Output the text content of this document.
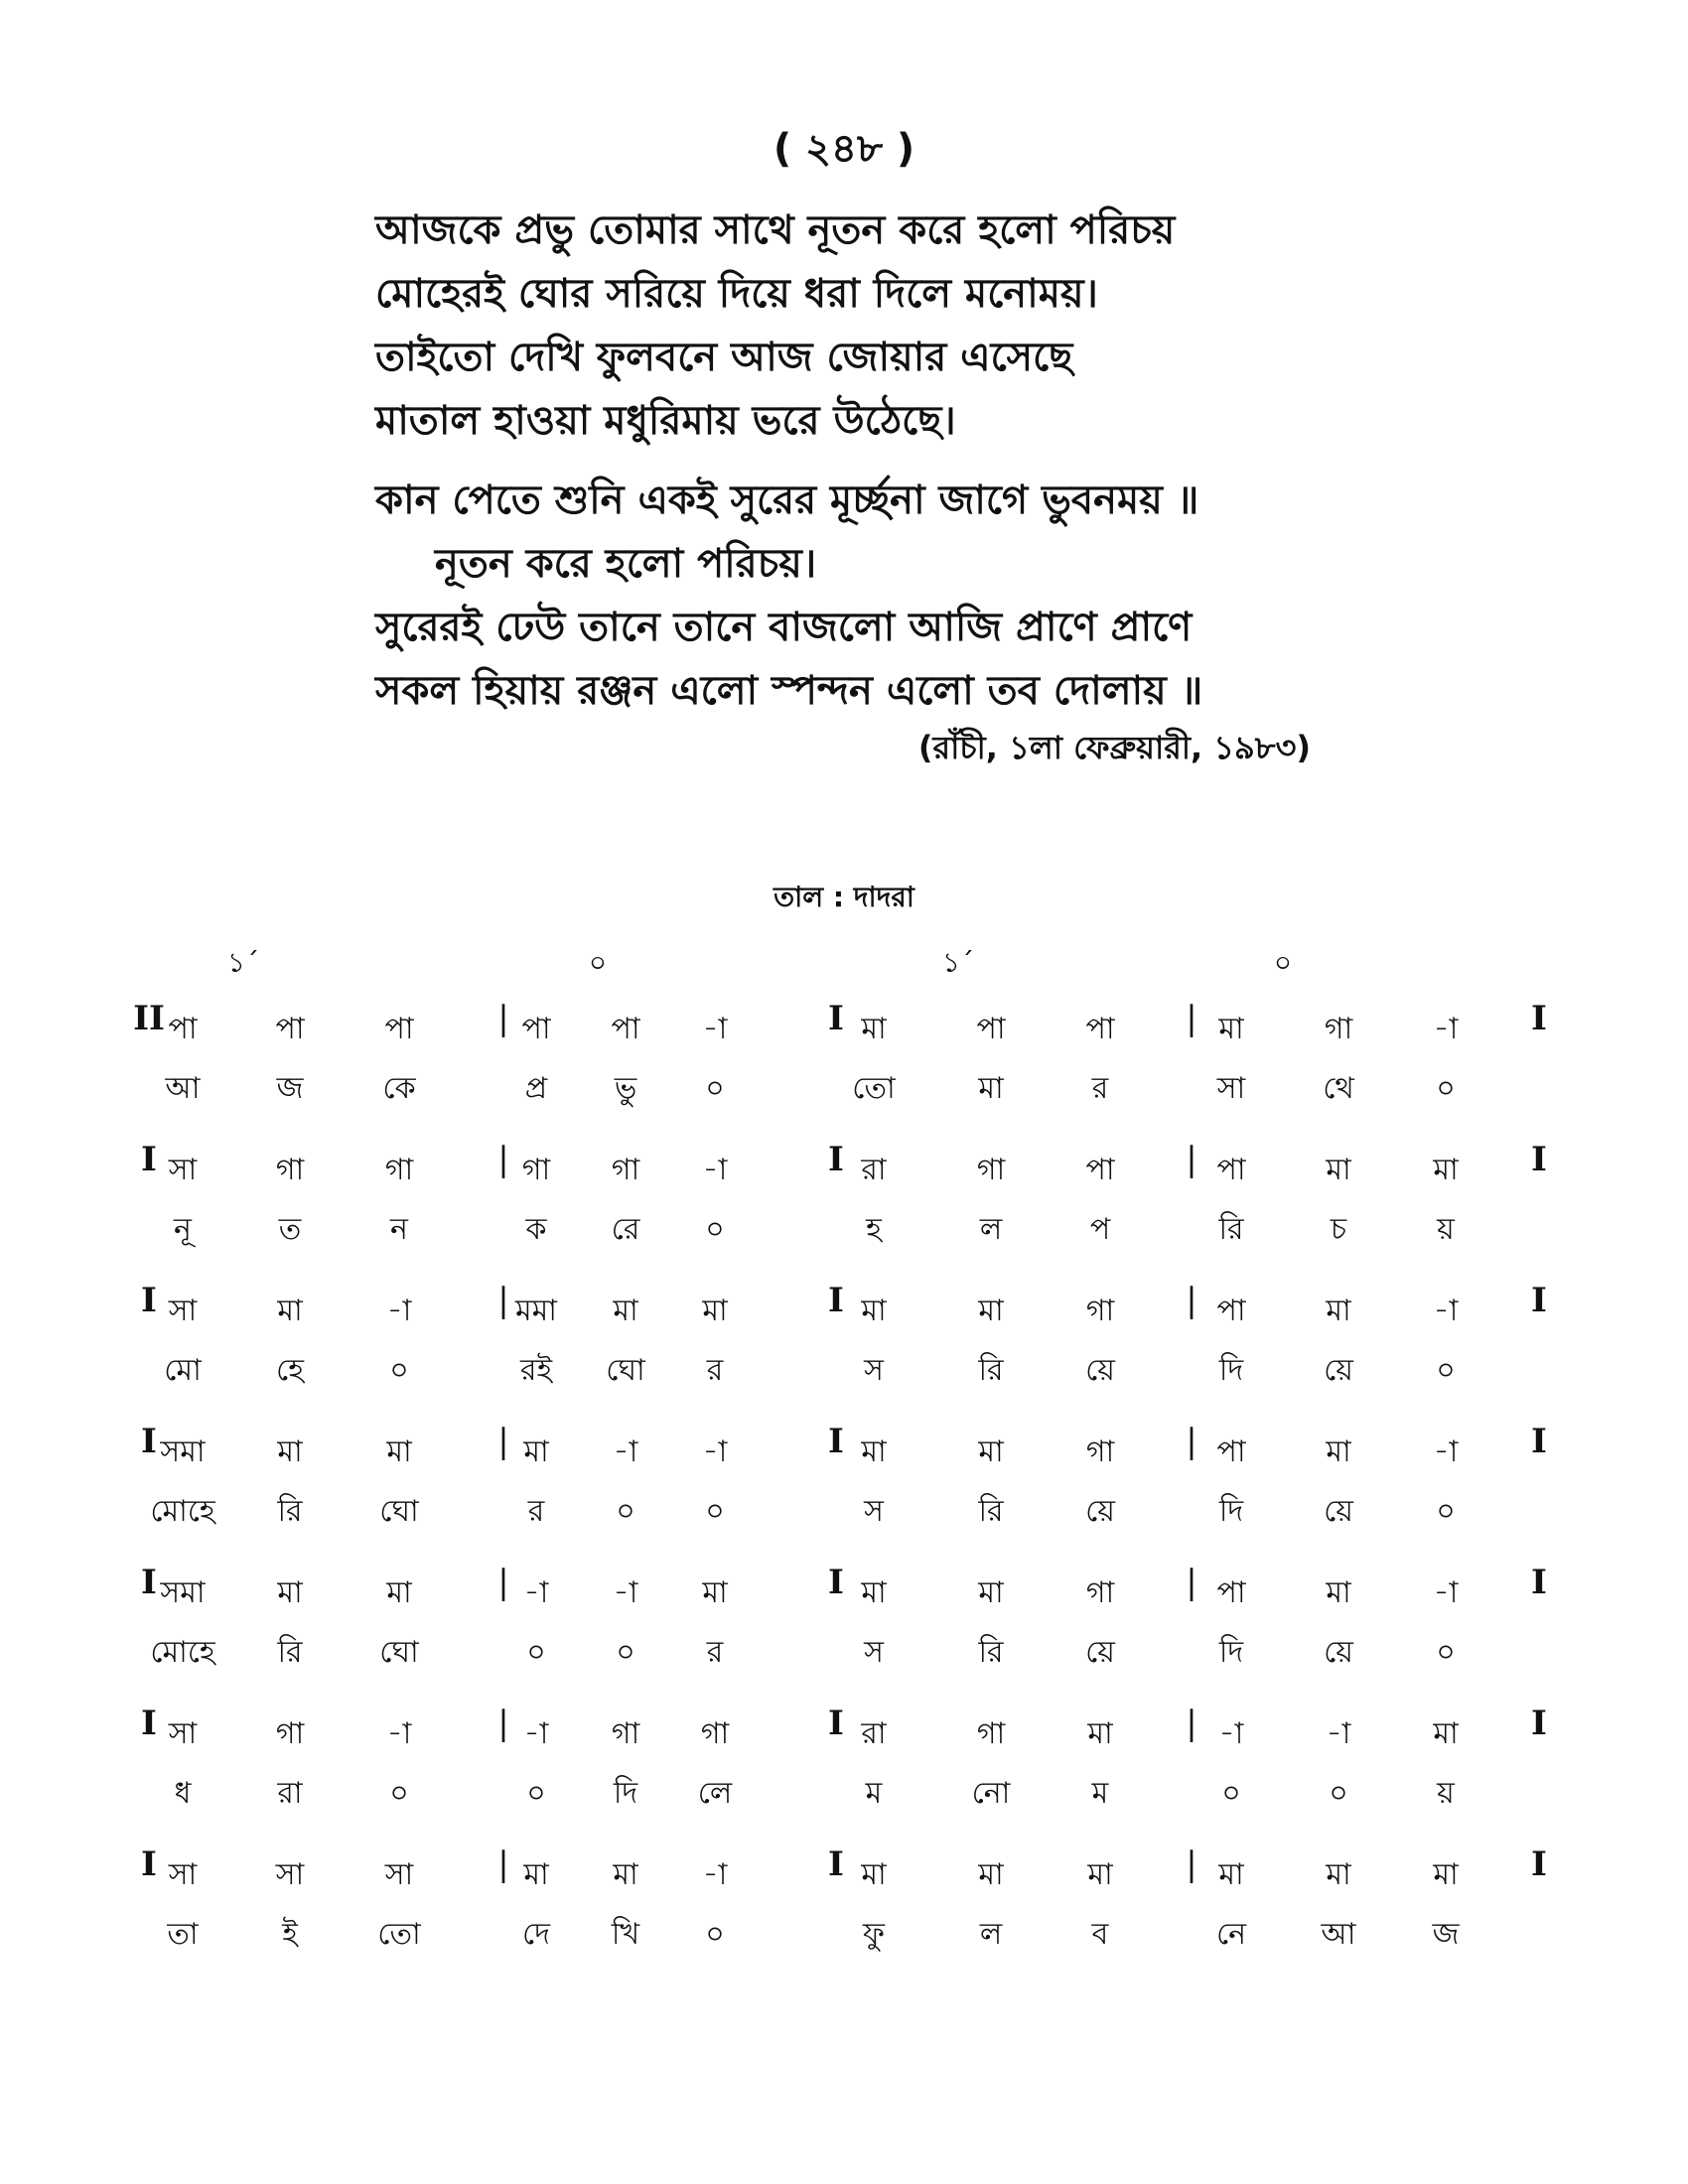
( ২৪৮ )
আজকে প্রভু তোমার সাথে নূতন করে হলো পরিচয়
মোহেরই ঘোর সরিয়ে দিয়ে ধরা দিলে মনোময়।
তাইতো দেখি ফুলবনে আজ জোয়ার এসেছে
মাতাল হাওয়া মধুরিমায় ভরে উঠেছে।
কান পেতে শুনি একই সুরের মূর্চ্ছনা জাগে ভুবনময় ॥
নূতন করে হলো পরিচয়।
সুরেরই ঢেউ তানে তানে বাজলো আজি প্রাণে প্রাণে
সকল হিয়ায় রঞ্জন এলো স্পন্দন এলো তব দোলায় ॥
(রাঁচী, ১লা ফেব্রুয়ারী, ১৯৮৩)
তাল : দাদরা
১´	০	১´	০
II	|	I	|	I
পা	পা	পা	পা	পা	-া	মা	পা	পা	মা	গা	-া
আ	জ	কে	প্র	ভু	০	তো	মা	র	সা	থে	০
I	|	I	|	I
সা	গা	গা	গা	গা	-া	রা	গা	পা	পা	মা	মা
নূ	ত	ন	ক	রে	০	হ	ল	প	রি	চ	য়
I	|	I	|	I
সা	মা	-া	মমা	মা	মা	মা	মা	গা	পা	মা	-া
মো	হে	০	রই	ঘো	র	স	রি	য়ে	দি	য়ে	০
I	|	I	|	I
সমা	মা	মা	মা	-া	-া	মা	মা	গা	পা	মা	-া
মোহে	রি	ঘো	র	০	০	স	রি	য়ে	দি	য়ে	০
I	|	I	|	I
সমা	মা	মা	-া	-া	মা	মা	মা	গা	পা	মা	-া
মোহে	রি	ঘো	০	০	র	স	রি	য়ে	দি	য়ে	০
I	|	I	|	I
সা	গা	-া	-া	গা	গা	রা	গা	মা	-া	-া	মা
ধ	রা	০	০	দি	লে	ম	নো	ম	০	০	য়
I	|	I	|	I
সা	সা	সা	মা	মা	-া	মা	মা	মা	মা	মা	মা
তা	ই	তো	দে	খি	০	ফু	ল	ব	নে	আ	জ
